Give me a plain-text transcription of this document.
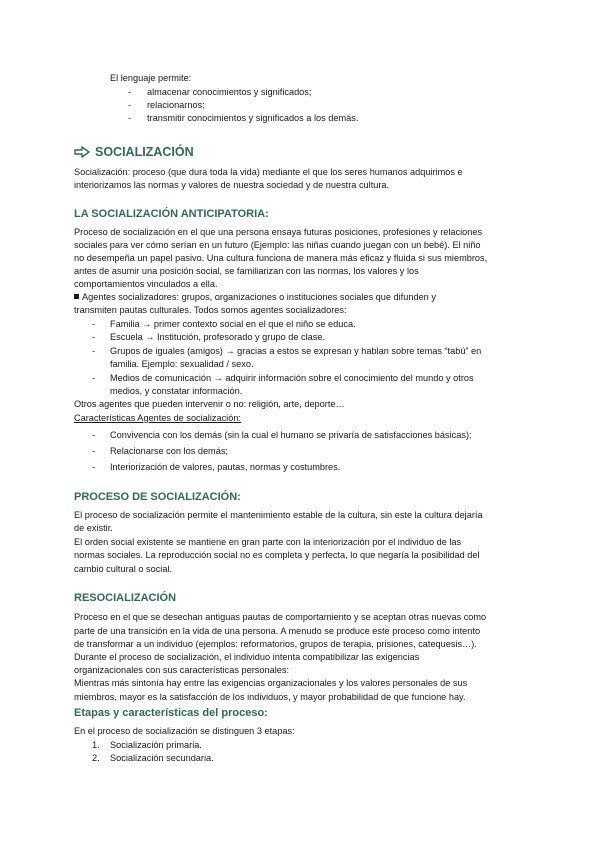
El lenguaje permite:
- almacenar conocimientos y significados;
- relacionarnos;
- transmitir conocimientos y significados a los demás.
SOCIALIZACIÓN
Socialización: proceso (que dura toda la vida) mediante el que los seres humanos adquirimos e
interiorizamos las normas y valores de nuestra sociedad y de nuestra cultura.
LA SOCIALIZACIÓN ANTICIPATORIA:
Proceso de socialización en el que una persona ensaya futuras posiciones, profesiones y relaciones
sociales para ver cómo serían en un futuro (Ejemplo: las niñas cuando juegan con un bebé). El niño
no desempeña un papel pasivo. Una cultura funciona de manera más eficaz y fluida si sus miembros,
antes de asumir una posición social, se familiarizan con las normas, los valores y los
comportamientos vinculados a ella.
Agentes socializadores: grupos, organizaciones o instituciones sociales que difunden y
transmiten pautas culturales. Todos somos agentes socializadores:
- Familia → primer contexto social en el que el niño se educa.
- Escuela → Institución, profesorado y grupo de clase.
- Grupos de iguales (amigos) → gracias a estos se expresan y hablan sobre temas “tabú” en
familia. Ejemplo: sexualidad / sexo.
- Medios de comunicación → adquirir información sobre el conocimiento del mundo y otros
medios, y constatar información.
Otros agentes que pueden intervenir o no: religión, arte, deporte…
Características Agentes de socialización:
- Convivencia con los demás (sin la cual el humano se privaría de satisfacciones básicas);
- Relacionarse con los demás;
- Interiorización de valores, pautas, normas y costumbres.
PROCESO DE SOCIALIZACIÓN:
El proceso de socialización permite el mantenimiento estable de la cultura, sin este la cultura dejaría
de existir.
El orden social existente se mantiene en gran parte con la interiorización por el individuo de las
normas sociales. La reproducción social no es completa y perfecta, lo que negaría la posibilidad del
cambio cultural o social.
RESOCIALIZACIÓN
Proceso en el que se desechan antiguas pautas de comportamiento y se aceptan otras nuevas como
parte de una transición en la vida de una persona. A menudo se produce este proceso como intento
de transformar a un individuo (ejemplos: reformatorios, grupos de terapia, prisiones, catequesis…).
Durante el proceso de socialización, el individuo intenta compatibilizar las exigencias
organizacionales con sus características personales:
Mientras más sintonía hay entre las exigencias organizacionales y los valores personales de sus
miembros, mayor es la satisfacción de los individuos, y mayor probabilidad de que funcione hay.
Etapas y características del proceso:
En el proceso de socialización se distinguen 3 etapas:
1. Socialización primaria.
2. Socialización secundaria.
